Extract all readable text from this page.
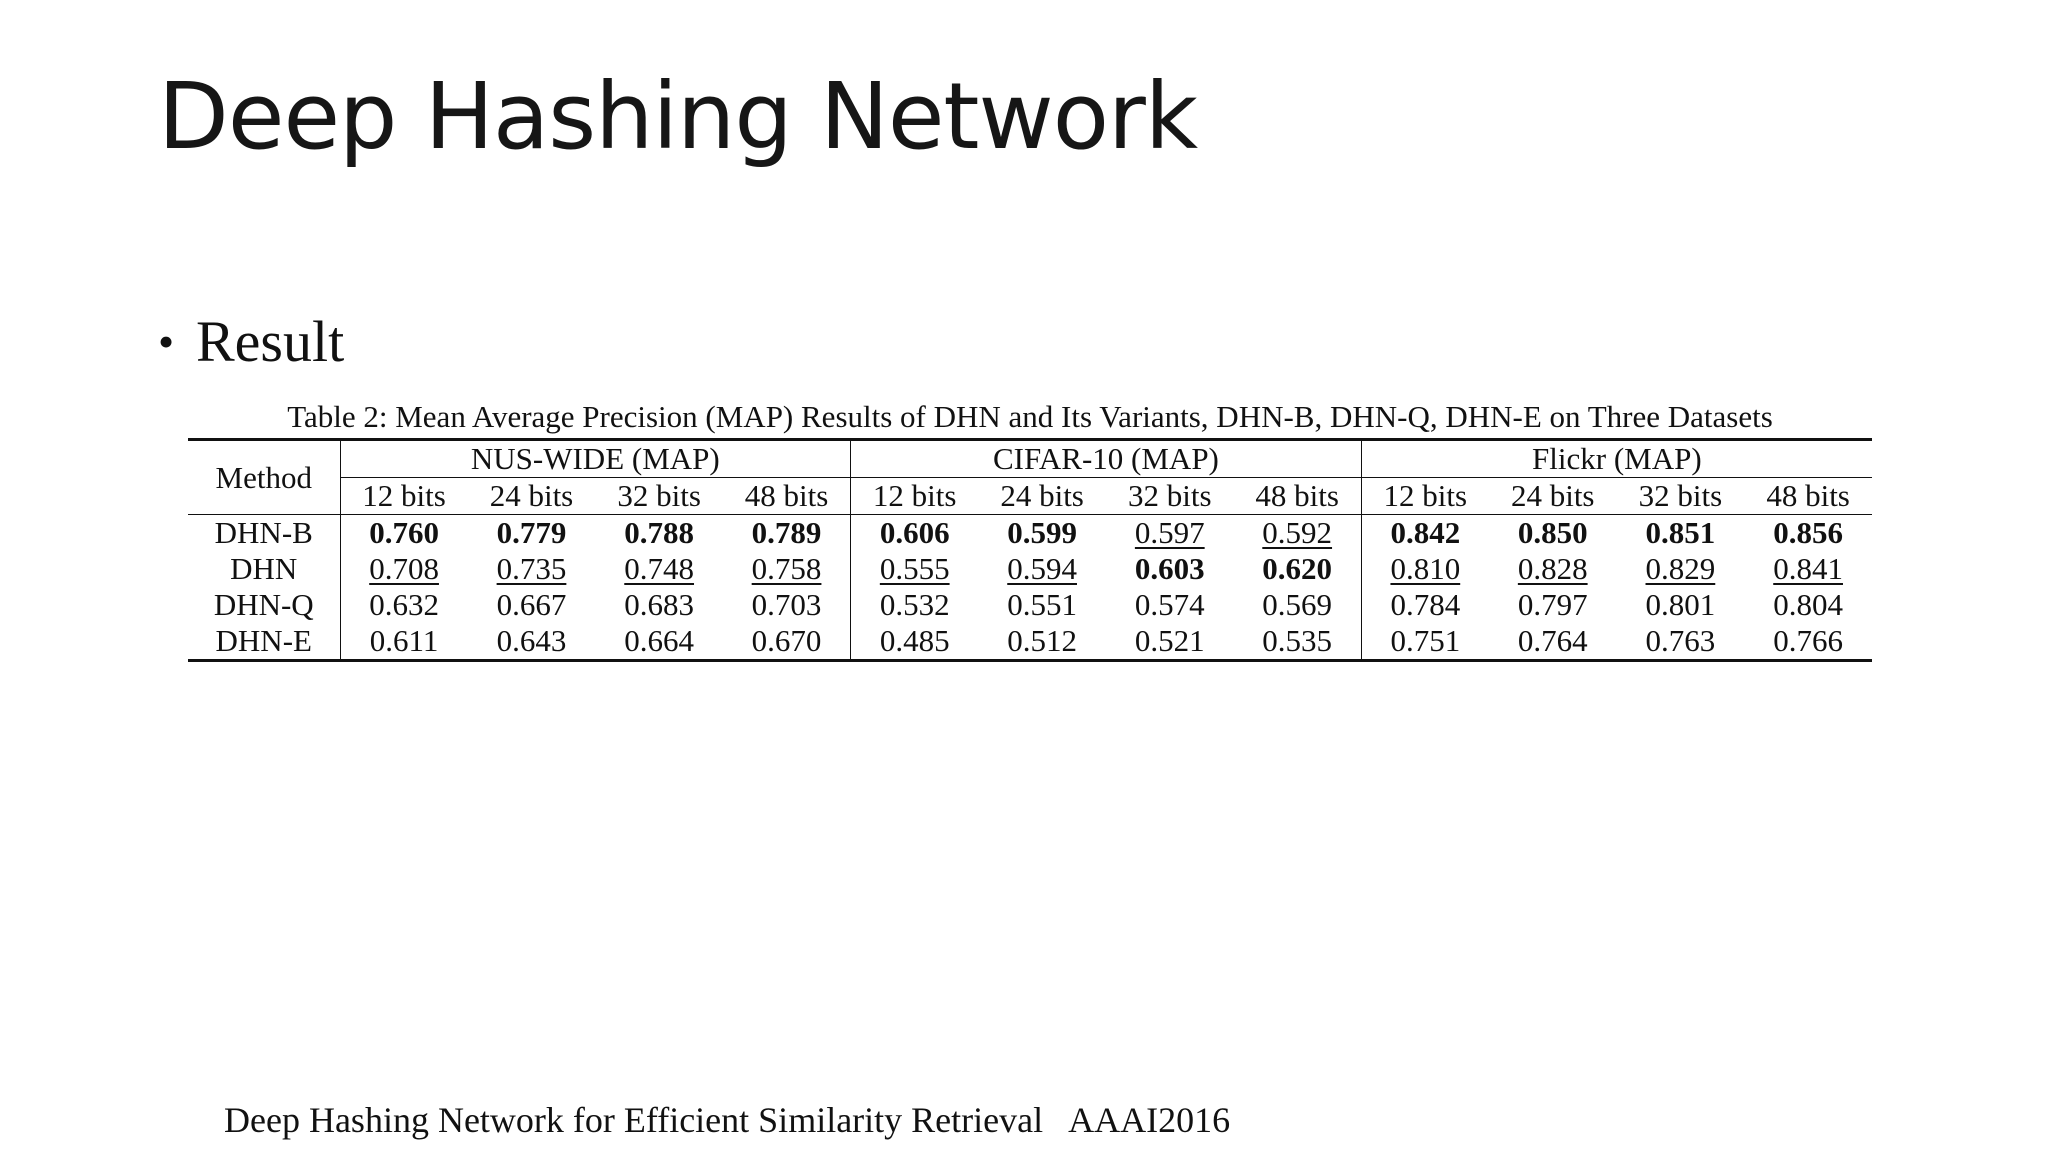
Deep Hashing Network
• Result
Table 2: Mean Average Precision (MAP) Results of DHN and Its Variants, DHN-B, DHN-Q, DHN-E on Three Datasets
Method	NUS-WIDE (MAP)				CIFAR-10 (MAP)				Flickr (MAP)			
	12 bits	24 bits	32 bits	48 bits	12 bits	24 bits	32 bits	48 bits	12 bits	24 bits	32 bits	48 bits
DHN-B	0.760	0.779	0.788	0.789	0.606	0.599	0.597	0.592	0.842	0.850	0.851	0.856
DHN	0.708	0.735	0.748	0.758	0.555	0.594	0.603	0.620	0.810	0.828	0.829	0.841
DHN-Q	0.632	0.667	0.683	0.703	0.532	0.551	0.574	0.569	0.784	0.797	0.801	0.804
DHN-E	0.611	0.643	0.664	0.670	0.485	0.512	0.521	0.535	0.751	0.764	0.763	0.766
Deep Hashing Network for Efficient Similarity Retrieval   AAAI2016
